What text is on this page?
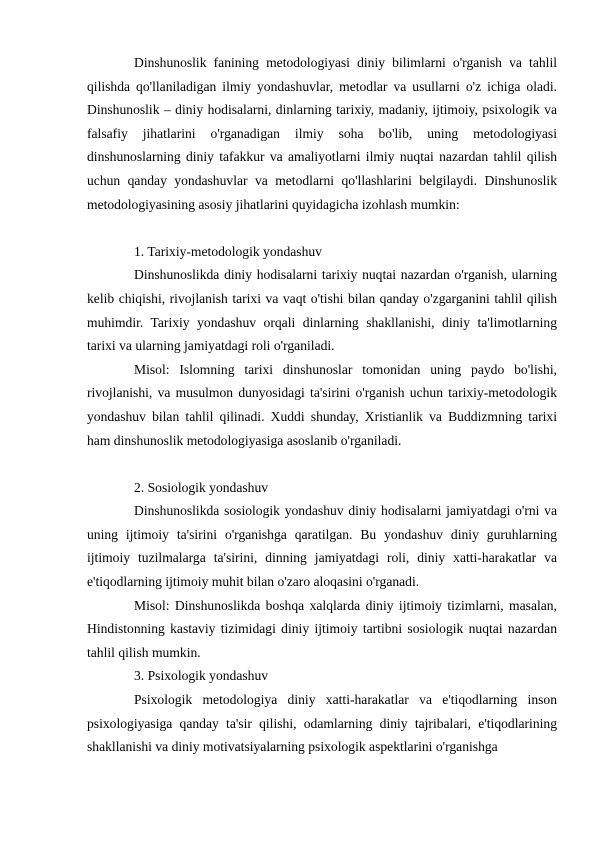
Dinshunoslik fanining metodologiyasi diniy bilimlarni o'rganish va tahlil qilishda qo'llaniladigan ilmiy yondashuvlar, metodlar va usullarni o'z ichiga oladi. Dinshunoslik – diniy hodisalarni, dinlarning tarixiy, madaniy, ijtimoiy, psixologik va falsafiy jihatlarini o'rganadigan ilmiy soha bo'lib, uning metodologiyasi dinshunoslarning diniy tafakkur va amaliyotlarni ilmiy nuqtai nazardan tahlil qilish uchun qanday yondashuvlar va metodlarni qo'llashlarini belgilaydi. Dinshunoslik metodologiyasining asosiy jihatlarini quyidagicha izohlash mumkin:

1. Tarixiy-metodologik yondashuv

Dinshunoslikda diniy hodisalarni tarixiy nuqtai nazardan o'rganish, ularning kelib chiqishi, rivojlanish tarixi va vaqt o'tishi bilan qanday o'zgarganini tahlil qilish muhimdir. Tarixiy yondashuv orqali dinlarning shakllanishi, diniy ta'limotlarning tarixi va ularning jamiyatdagi roli o'rganiladi.

Misol: Islomning tarixi dinshunoslar tomonidan uning paydo bo'lishi, rivojlanishi, va musulmon dunyosidagi ta'sirini o'rganish uchun tarixiy-metodologik yondashuv bilan tahlil qilinadi. Xuddi shunday, Xristianlik va Buddizmning tarixi ham dinshunoslik metodologiyasiga asoslanib o'rganiladi.

2. Sosiologik yondashuv

Dinshunoslikda sosiologik yondashuv diniy hodisalarni jamiyatdagi o'rni va uning ijtimoiy ta'sirini o'rganishga qaratilgan. Bu yondashuv diniy guruhlarning ijtimoiy tuzilmalarga ta'sirini, dinning jamiyatdagi roli, diniy xatti-harakatlar va e'tiqodlarning ijtimoiy muhit bilan o'zaro aloqasini o'rganadi.

Misol: Dinshunoslikda boshqa xalqlarda diniy ijtimoiy tizimlarni, masalan, Hindistonning kastaviy tizimidagi diniy ijtimoiy tartibni sosiologik nuqtai nazardan tahlil qilish mumkin.

3. Psixologik yondashuv

Psixologik metodologiya diniy xatti-harakatlar va e'tiqodlarning inson psixologiyasiga qanday ta'sir qilishi, odamlarning diniy tajribalari, e'tiqodlarining shakllanishi va diniy motivatsiyalarning psixologik aspektlarini o'rganishga
